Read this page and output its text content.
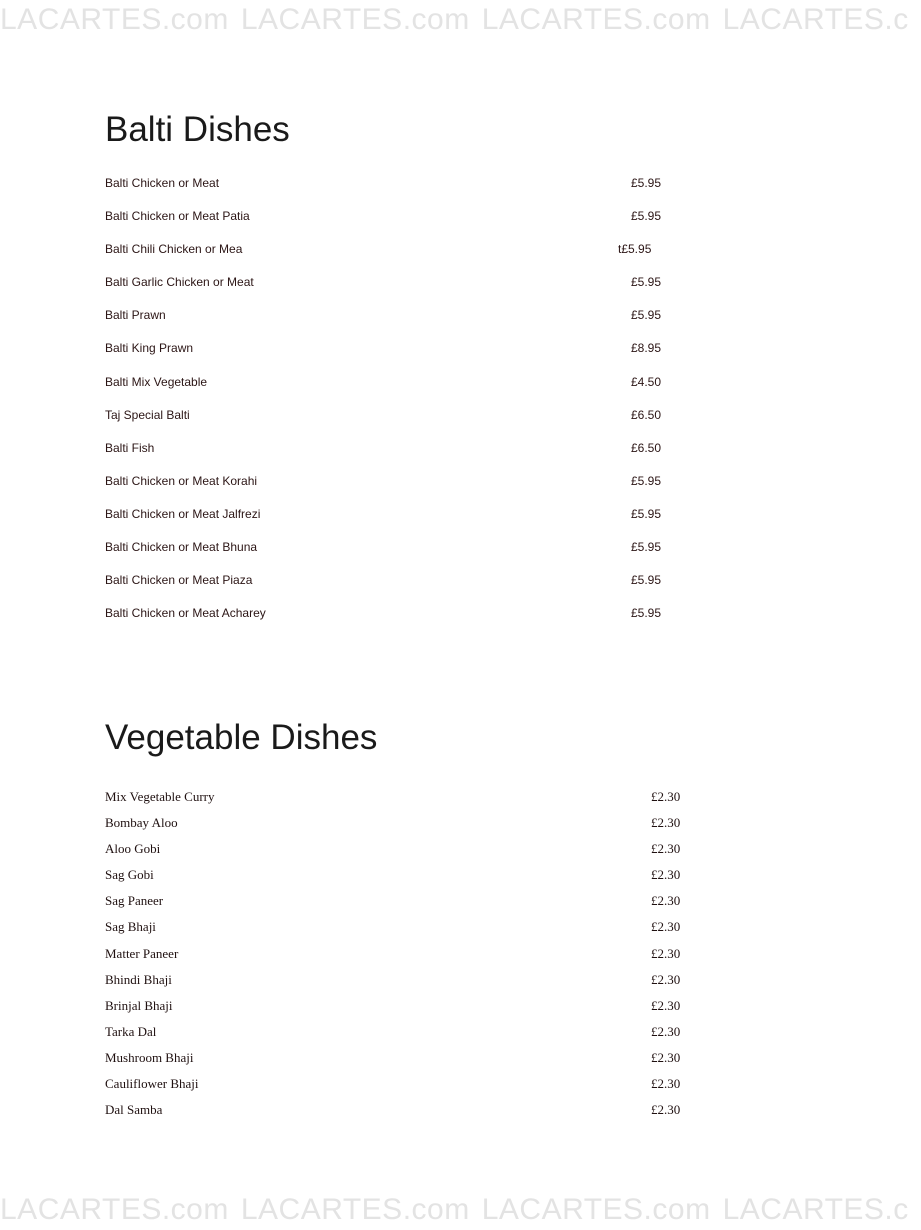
LACARTES.com LACARTES.com LACARTES.com LACARTES.c
Balti Dishes
Balti Chicken or Meat	£5.95
Balti Chicken or Meat Patia	£5.95
Balti Chili Chicken or Mea	t£5.95
Balti Garlic Chicken or Meat	£5.95
Balti Prawn	£5.95
Balti King Prawn	£8.95
Balti Mix Vegetable	£4.50
Taj Special Balti	£6.50
Balti Fish	£6.50
Balti Chicken or Meat Korahi	£5.95
Balti Chicken or Meat Jalfrezi	£5.95
Balti Chicken or Meat Bhuna	£5.95
Balti Chicken or Meat Piaza	£5.95
Balti Chicken or Meat Acharey	£5.95
Vegetable Dishes
Mix Vegetable Curry	£2.30
Bombay Aloo	£2.30
Aloo Gobi	£2.30
Sag Gobi	£2.30
Sag Paneer	£2.30
Sag Bhaji	£2.30
Matter Paneer	£2.30
Bhindi Bhaji	£2.30
Brinjal Bhaji	£2.30
Tarka Dal	£2.30
Mushroom Bhaji	£2.30
Cauliflower Bhaji	£2.30
Dal Samba	£2.30
LACARTES.com LACARTES.com LACARTES.com LACARTES.c
